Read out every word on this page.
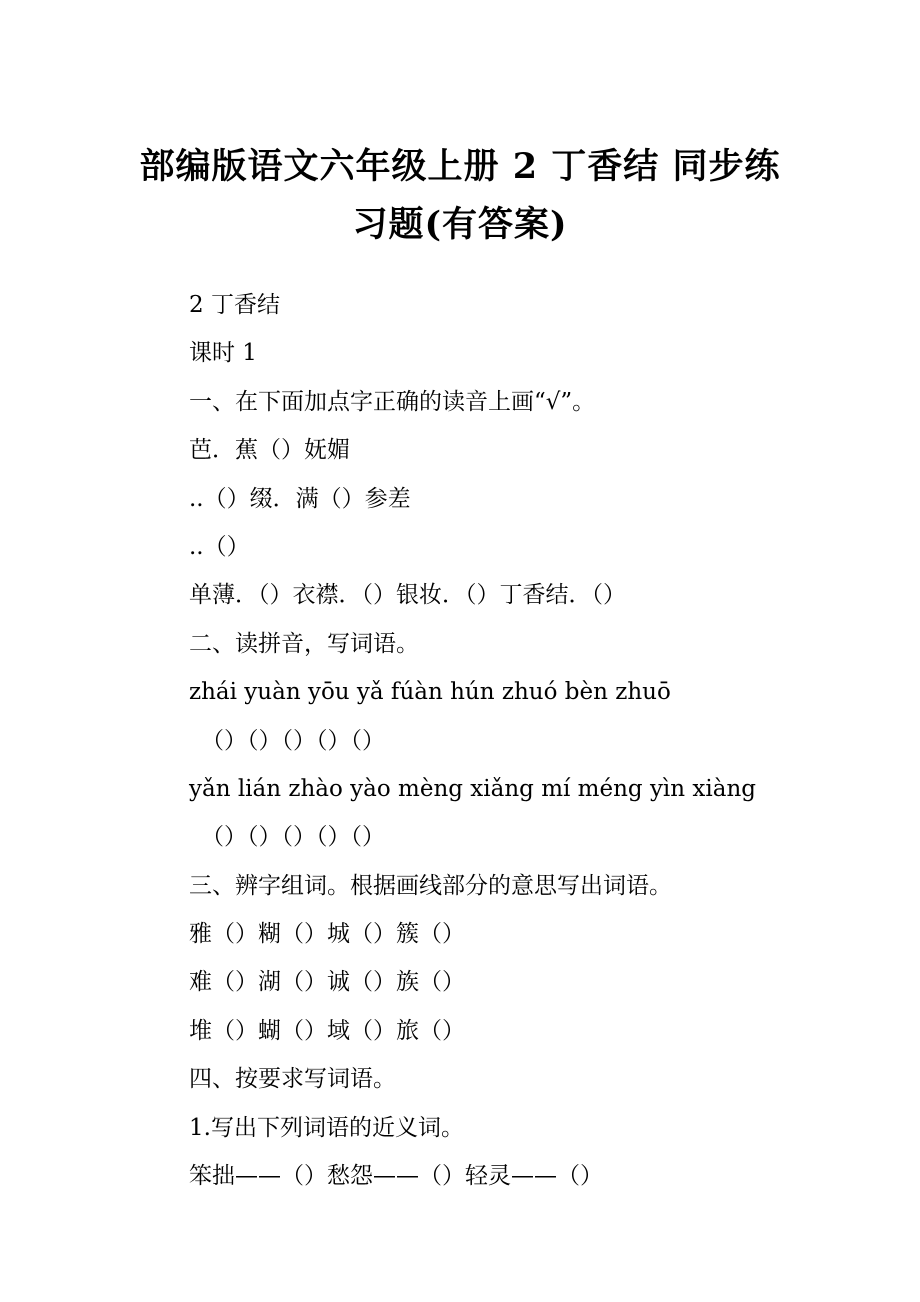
部编版语文六年级上册 2 丁香结 同步练
习题(有答案)
2 丁香结
课时 1
一、在下面加点字正确的读音上画“√”。
芭．蕉（）妩媚
..（）缀．满（）参差
..（）
单薄．（）衣襟．（）银妆．（）丁香结．（）
二、读拼音，写词语。
zhái yuàn yōu yǎ fúàn hún zhuó bèn zhuō
（）（）（）（）（）
yǎn lián zhào yào mèng xiǎng mí méng yìn xiàng
（）（）（）（）（）
三、辨字组词。根据画线部分的意思写出词语。
雅（）糊（）城（）簇（）
难（）湖（）诚（）族（）
堆（）蝴（）域（）旅（）
四、按要求写词语。
1.写出下列词语的近义词。
笨拙——（）愁怨——（）轻灵——（）
